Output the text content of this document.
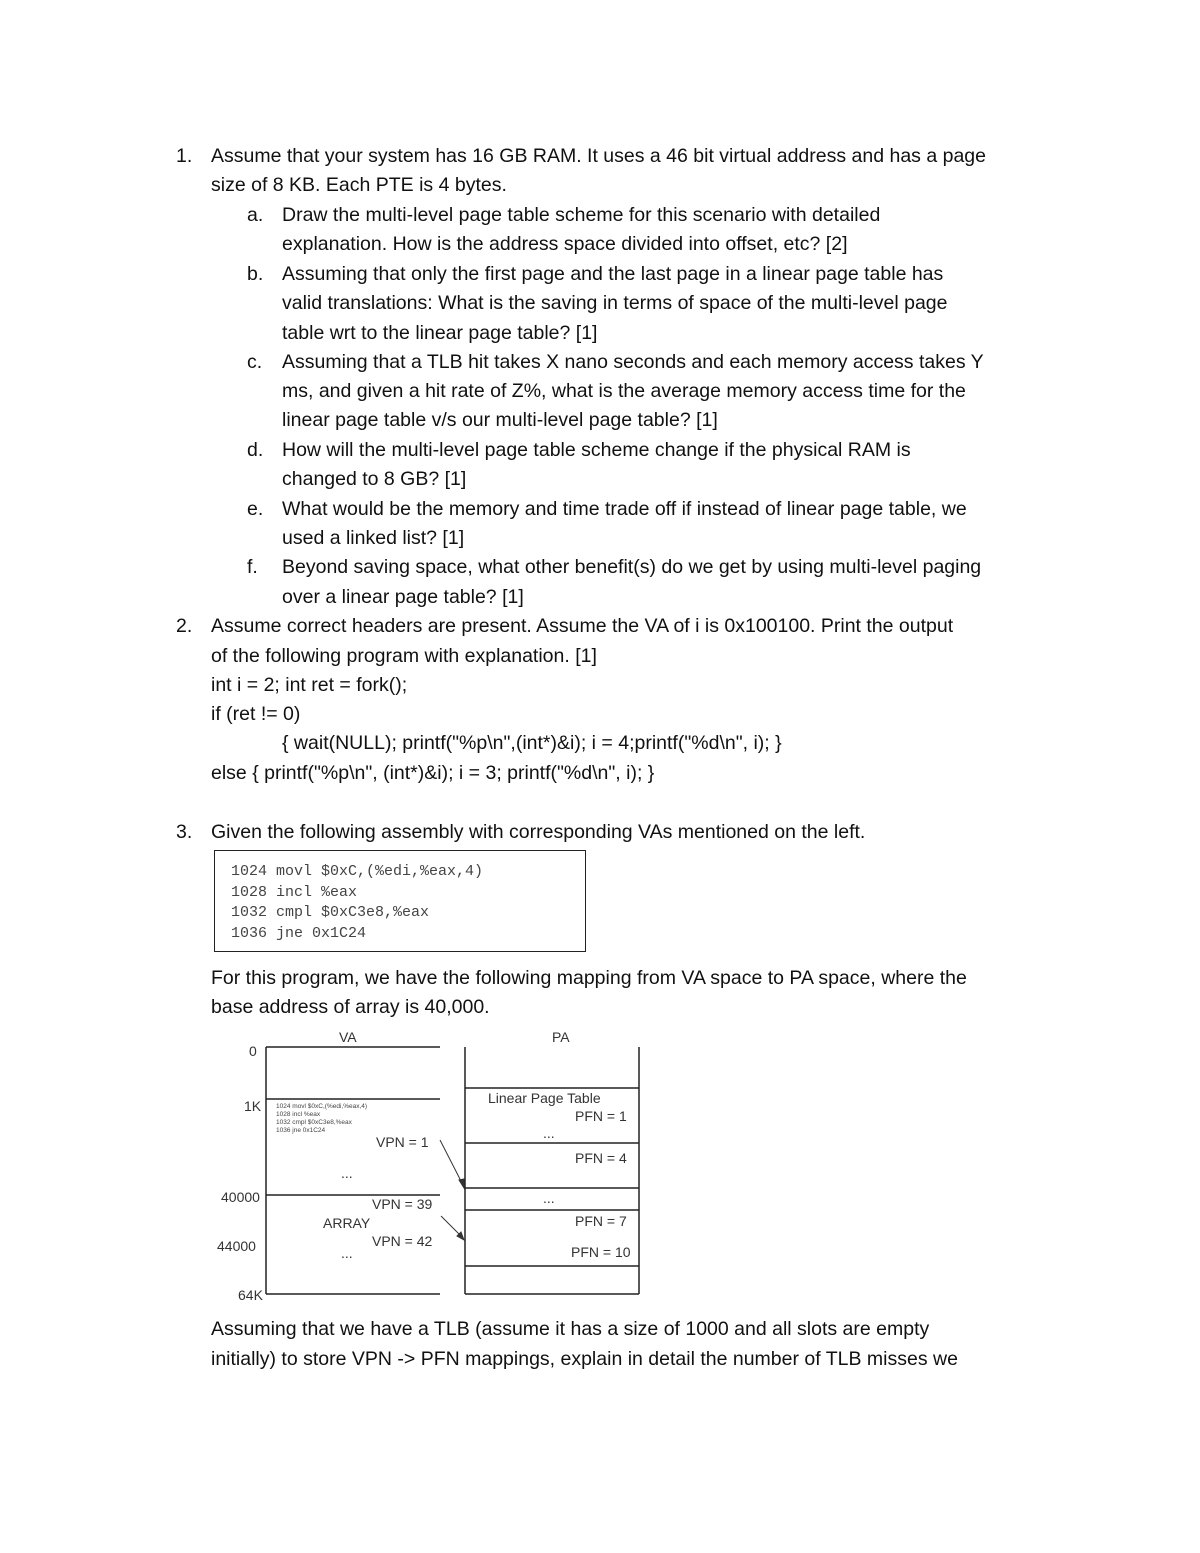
1. Assume that your system has 16 GB RAM. It uses a 46 bit virtual address and has a page
size of 8 KB. Each PTE is 4 bytes.
a. Draw the multi-level page table scheme for this scenario with detailed
explanation. How is the address space divided into offset, etc? [2]
b. Assuming that only the first page and the last page in a linear page table has
valid translations: What is the saving in terms of space of the multi-level page
table wrt to the linear page table? [1]
c. Assuming that a TLB hit takes X nano seconds and each memory access takes Y
ms, and given a hit rate of Z%, what is the average memory access time for the
linear page table v/s our multi-level page table? [1]
d. How will the multi-level page table scheme change if the physical RAM is
changed to 8 GB? [1]
e. What would be the memory and time trade off if instead of linear page table, we
used a linked list? [1]
f. Beyond saving space, what other benefit(s) do we get by using multi-level paging
over a linear page table? [1]
2. Assume correct headers are present. Assume the VA of i is 0x100100. Print the output
of the following program with explanation. [1]
int i = 2; int ret = fork();
if (ret != 0)
{ wait(NULL); printf("%p\n",(int*)&i); i = 4;printf("%d\n", i); }
else { printf("%p\n", (int*)&i); i = 3; printf("%d\n", i); }
3. Given the following assembly with corresponding VAs mentioned on the left.
1024 movl $0xC,(%edi,%eax,4)
1028 incl %eax
1032 cmpl $0xC3e8,%eax
1036 jne 0x1C24
For this program, we have the following mapping from VA space to PA space, where the
base address of array is 40,000.
VA	PA
0
1K
40000
44000
64K
1024 movl $0xC,(%edi,%eax,4)
1028 incl %eax
1032 cmpl $0xC3e8,%eax
1036 jne 0x1C24
VPN = 1
...
VPN = 39
ARRAY
VPN = 42
...
Linear Page Table
PFN = 1
...
PFN = 4
...
PFN = 7
PFN = 10
Assuming that we have a TLB (assume it has a size of 1000 and all slots are empty
initially) to store VPN -> PFN mappings, explain in detail the number of TLB misses we
